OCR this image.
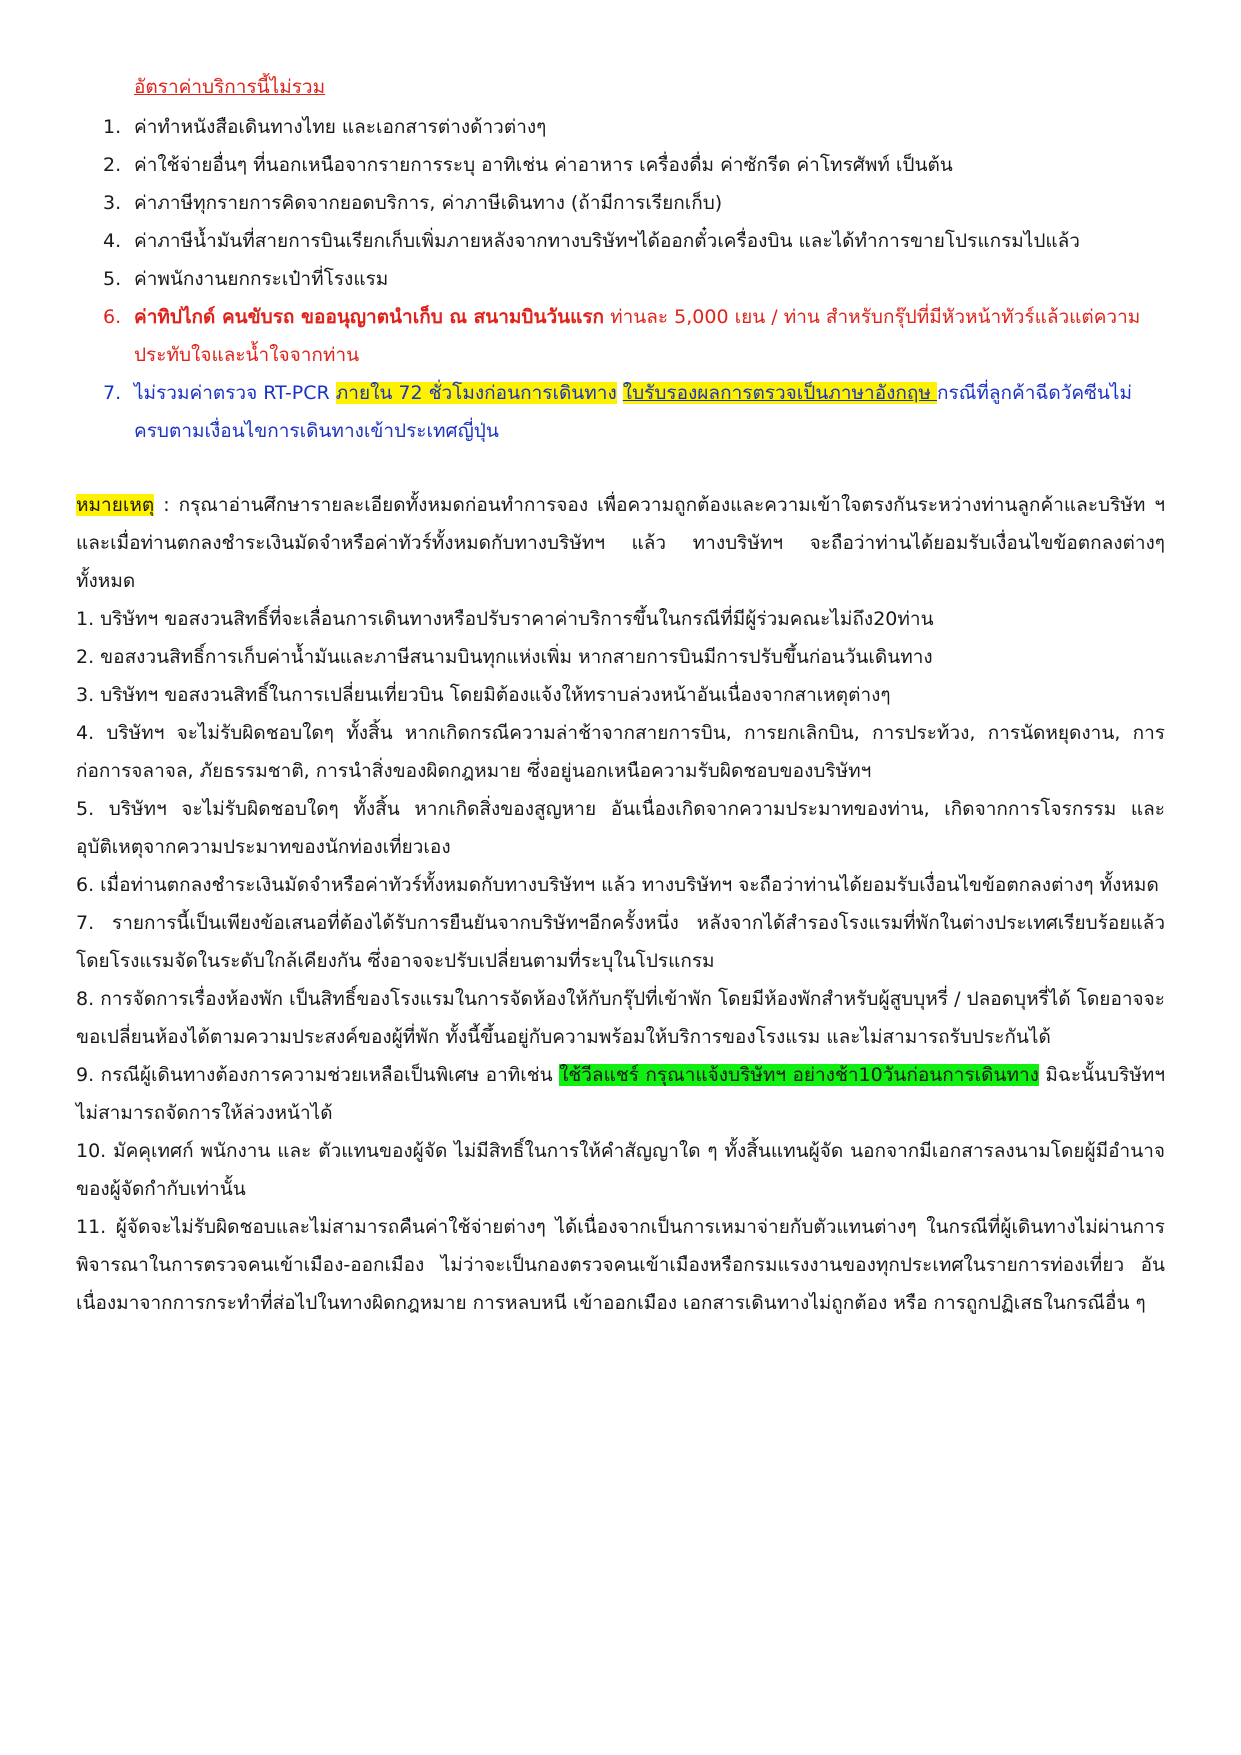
อัตราค่าบริการนี้ไม่รวม
1. ค่าทำหนังสือเดินทางไทย และเอกสารต่างด้าวต่างๆ
2. ค่าใช้จ่ายอื่นๆ ที่นอกเหนือจากรายการระบุ อาทิเช่น ค่าอาหาร เครื่องดื่ม ค่าซักรีด ค่าโทรศัพท์ เป็นต้น
3. ค่าภาษีทุกรายการคิดจากยอดบริการ, ค่าภาษีเดินทาง (ถ้ามีการเรียกเก็บ)
4. ค่าภาษีน้ำมันที่สายการบินเรียกเก็บเพิ่มภายหลังจากทางบริษัทฯได้ออกตั๋วเครื่องบิน และได้ทำการขายโปรแกรมไปแล้ว
5. ค่าพนักงานยกกระเป๋าที่โรงแรม
6. ค่าทิปไกด์ คนขับรถ ขออนุญาตนำเก็บ ณ สนามบินวันแรก ท่านละ 5,000 เยน / ท่าน สำหรับกรุ๊ปที่มีหัวหน้าทัวร์แล้วแต่ความประทับใจและน้ำใจจากท่าน
7. ไม่รวมค่าตรวจ RT-PCR ภายใน 72 ชั่วโมงก่อนการเดินทาง ใบรับรองผลการตรวจเป็นภาษาอังกฤษ กรณีที่ลูกค้าฉีดวัคซีนไม่ครบตามเงื่อนไขการเดินทางเข้าประเทศญี่ปุ่น

หมายเหตุ : กรุณาอ่านศึกษารายละเอียดทั้งหมดก่อนทำการจอง เพื่อความถูกต้องและความเข้าใจตรงกันระหว่างท่านลูกค้าและบริษัท ฯ และเมื่อท่านตกลงชำระเงินมัดจำหรือค่าทัวร์ทั้งหมดกับทางบริษัทฯ แล้ว ทางบริษัทฯ จะถือว่าท่านได้ยอมรับเงื่อนไขข้อตกลงต่างๆ ทั้งหมด

1. บริษัทฯ ขอสงวนสิทธิ์ที่จะเลื่อนการเดินทางหรือปรับราคาค่าบริการขึ้นในกรณีที่มีผู้ร่วมคณะไม่ถึง20ท่าน

2. ขอสงวนสิทธิ์การเก็บค่าน้ำมันและภาษีสนามบินทุกแห่งเพิ่ม หากสายการบินมีการปรับขึ้นก่อนวันเดินทาง

3. บริษัทฯ ขอสงวนสิทธิ์ในการเปลี่ยนเที่ยวบิน โดยมิต้องแจ้งให้ทราบล่วงหน้าอันเนื่องจากสาเหตุต่างๆ

4. บริษัทฯ จะไม่รับผิดชอบใดๆ ทั้งสิ้น หากเกิดกรณีความล่าช้าจากสายการบิน, การยกเลิกบิน, การประท้วง, การนัดหยุดงาน, การก่อการจลาจล, ภัยธรรมชาติ, การนำสิ่งของผิดกฎหมาย ซึ่งอยู่นอกเหนือความรับผิดชอบของบริษัทฯ

5. บริษัทฯ จะไม่รับผิดชอบใดๆ ทั้งสิ้น หากเกิดสิ่งของสูญหาย อันเนื่องเกิดจากความประมาทของท่าน, เกิดจากการโจรกรรม และอุบัติเหตุจากความประมาทของนักท่องเที่ยวเอง

6. เมื่อท่านตกลงชำระเงินมัดจำหรือค่าทัวร์ทั้งหมดกับทางบริษัทฯ แล้ว ทางบริษัทฯ จะถือว่าท่านได้ยอมรับเงื่อนไขข้อตกลงต่างๆ ทั้งหมด

7. รายการนี้เป็นเพียงข้อเสนอที่ต้องได้รับการยืนยันจากบริษัทฯอีกครั้งหนึ่ง หลังจากได้สำรองโรงแรมที่พักในต่างประเทศเรียบร้อยแล้ว โดยโรงแรมจัดในระดับใกล้เคียงกัน ซึ่งอาจจะปรับเปลี่ยนตามที่ระบุในโปรแกรม

8. การจัดการเรื่องห้องพัก เป็นสิทธิ์ของโรงแรมในการจัดห้องให้กับกรุ๊ปที่เข้าพัก โดยมีห้องพักสำหรับผู้สูบบุหรี่ / ปลอดบุหรี่ได้ โดยอาจจะขอเปลี่ยนห้องได้ตามความประสงค์ของผู้ที่พัก ทั้งนี้ขึ้นอยู่กับความพร้อมให้บริการของโรงแรม และไม่สามารถรับประกันได้

9. กรณีผู้เดินทางต้องการความช่วยเหลือเป็นพิเศษ อาทิเช่น ใช้วีลแชร์ กรุณาแจ้งบริษัทฯ อย่างช้า10วันก่อนการเดินทาง มิฉะนั้นบริษัทฯไม่สามารถจัดการให้ล่วงหน้าได้

10. มัคคุเทศก์ พนักงาน และ ตัวแทนของผู้จัด ไม่มีสิทธิ์ในการให้คำสัญญาใด ๆ ทั้งสิ้นแทนผู้จัด นอกจากมีเอกสารลงนามโดยผู้มีอำนาจของผู้จัดกำกับเท่านั้น

11. ผู้จัดจะไม่รับผิดชอบและไม่สามารถคืนค่าใช้จ่ายต่างๆ ได้เนื่องจากเป็นการเหมาจ่ายกับตัวแทนต่างๆ ในกรณีที่ผู้เดินทางไม่ผ่านการพิจารณาในการตรวจคนเข้าเมือง-ออกเมือง ไม่ว่าจะเป็นกองตรวจคนเข้าเมืองหรือกรมแรงงานของทุกประเทศในรายการท่องเที่ยว อันเนื่องมาจากการกระทำที่ส่อไปในทางผิดกฎหมาย การหลบหนี เข้าออกเมือง เอกสารเดินทางไม่ถูกต้อง หรือ การถูกปฏิเสธในกรณีอื่น ๆ
